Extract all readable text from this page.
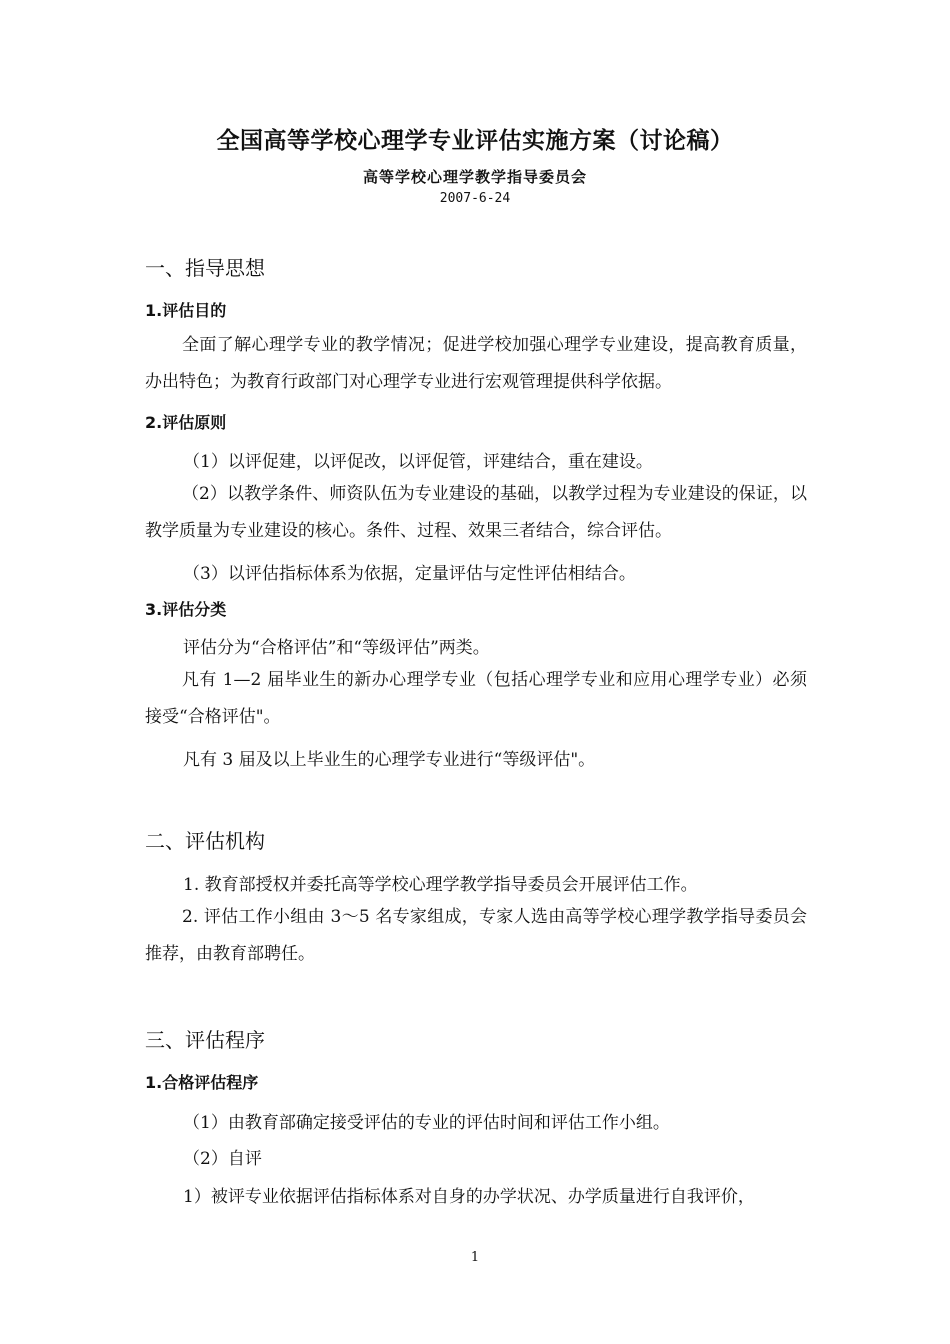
全国高等学校心理学专业评估实施方案（讨论稿）
高等学校心理学教学指导委员会
2007-6-24
一、指导思想
1.评估目的
全面了解心理学专业的教学情况；促进学校加强心理学专业建设，提高教育质量，办出特色；为教育行政部门对心理学专业进行宏观管理提供科学依据。
2.评估原则
（1）以评促建，以评促改，以评促管，评建结合，重在建设。
（2）以教学条件、师资队伍为专业建设的基础，以教学过程为专业建设的保证，以教学质量为专业建设的核心。条件、过程、效果三者结合，综合评估。
（3）以评估指标体系为依据，定量评估与定性评估相结合。
3.评估分类
评估分为“合格评估”和“等级评估”两类。
凡有 1—2 届毕业生的新办心理学专业（包括心理学专业和应用心理学专业）必须接受“合格评估"。
凡有 3 届及以上毕业生的心理学专业进行“等级评估"。
二、评估机构
1. 教育部授权并委托高等学校心理学教学指导委员会开展评估工作。
2. 评估工作小组由 3～5 名专家组成，专家人选由高等学校心理学教学指导委员会推荐，由教育部聘任。
三、评估程序
1.合格评估程序
（1）由教育部确定接受评估的专业的评估时间和评估工作小组。
（2）自评
1）被评专业依据评估指标体系对自身的办学状况、办学质量进行自我评价，
1
